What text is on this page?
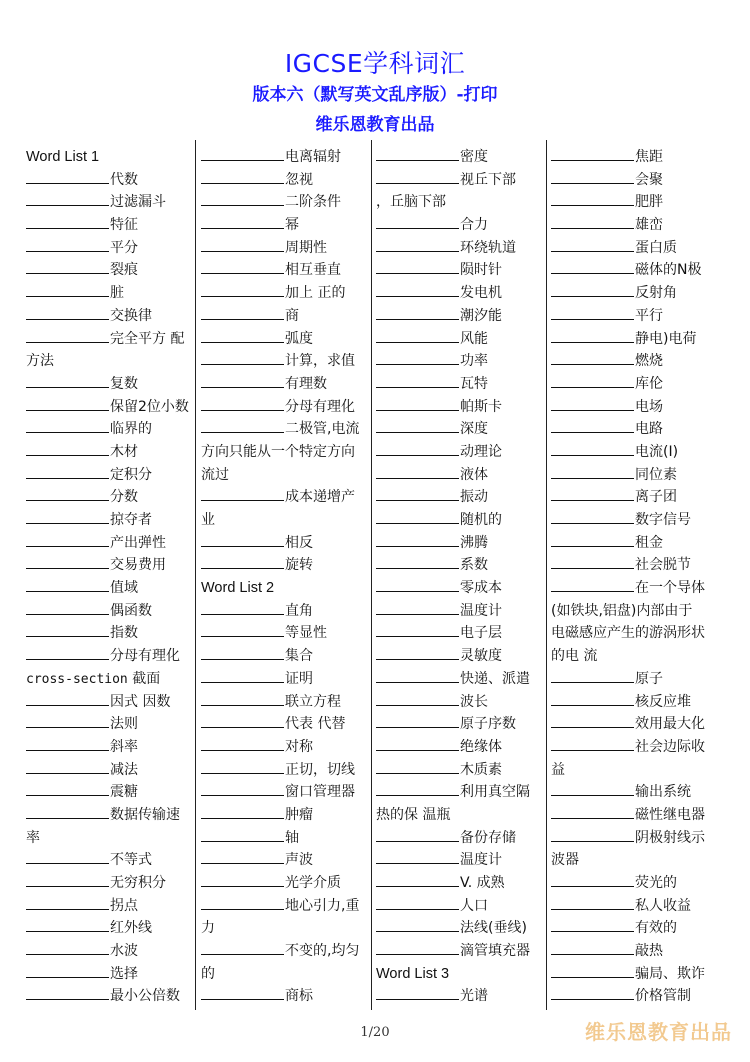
IGCSE学科词汇
版本六（默写英文乱序版）-打印
维乐恩教育出品
Word List 1
代数
过滤漏斗
特征
平分
裂痕
脏
交换律
完全平方 配
方法
复数
保留2位小数
临界的
木材
定积分
分数
掠夺者
产出弹性
交易费用
值域
偶函数
指数
分母有理化
cross-section 截面
因式 因数
法则
斜率
减法
震糖
数据传输速
率
不等式
无穷积分
拐点
红外线
水波
选择
最小公倍数
电离辐射
忽视
二阶条件
幂
周期性
相互垂直
加上 正的
商
弧度
计算，求值
有理数
分母有理化
二极管,电流
方向只能从一个特定方向
流过
成本递增产
业
相反
旋转
Word List 2
直角
等显性
集合
证明
联立方程
代表 代替
对称
正切，切线
窗口管理器
肿瘤
轴
声波
光学介质
地心引力,重
力
不变的,均匀
的
商标
密度
视丘下部
，丘脑下部
合力
环绕轨道
陨时针
发电机
潮汐能
风能
功率
瓦特
帕斯卡
深度
动理论
液体
振动
随机的
沸腾
系数
零成本
温度计
电子层
灵敏度
快递、派遣
波长
原子序数
绝缘体
木质素
利用真空隔
热的保 温瓶
备份存储
温度计
V. 成熟
人口
法线(垂线)
滴管填充器
Word List 3
光谱
焦距
会聚
肥胖
雄峦
蛋白质
磁体的N极
反射角
平行
静电)电荷
燃烧
库伦
电场
电路
电流(I)
同位素
离子团
数字信号
租金
社会脱节
在一个导体
(如铁块,铝盘)内部由于
电磁感应产生的游涡形状
的电 流
原子
核反应堆
效用最大化
社会边际收
益
输出系统
磁性继电器
阴极射线示
波器
荧光的
私人收益
有效的
敲热
骗局、欺诈
价格管制
1/20	维乐恩教育出品
